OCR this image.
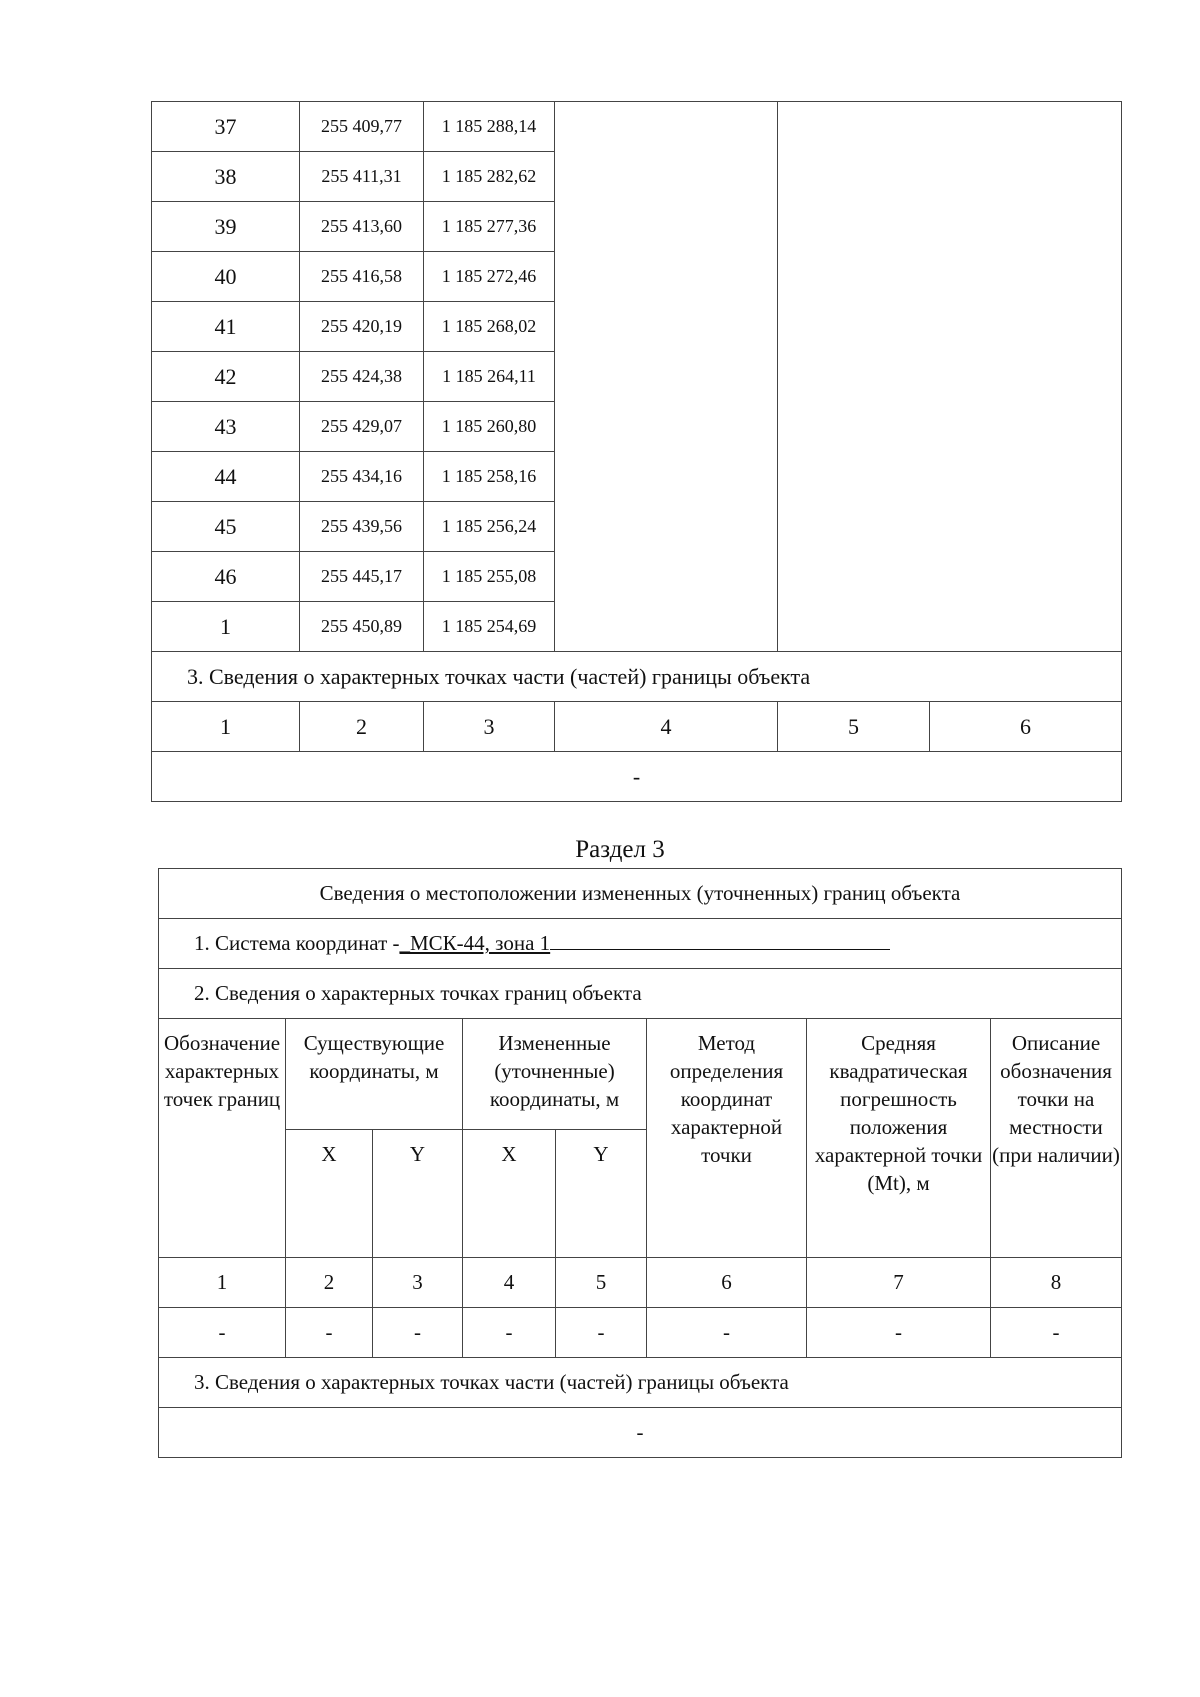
37	255 409,77	1 185 288,14				
38	255 411,31	1 185 282,62				
39	255 413,60	1 185 277,36				
40	255 416,58	1 185 272,46				
41	255 420,19	1 185 268,02				
42	255 424,38	1 185 264,11				
43	255 429,07	1 185 260,80				
44	255 434,16	1 185 258,16				
45	255 439,56	1 185 256,24				
46	255 445,17	1 185 255,08				
1	255 450,89	1 185 254,69				
3. Сведения о характерных точках части (частей) границы объекта						
1	2	3	4	5	6	
-						
Раздел 3
Сведения о местоположении измененных (уточненных) границ объекта							
1. Система координат -_МСК-44, зона 1							
2. Сведения о характерных точках границ объекта							
Обозначение характерных точек границ	Существующие координаты, м		Измененные (уточненные) координаты, м		Метод определения координат характерной точки	Средняя квадратическая погрешность положения характерной точки (Mt), м	Описание обозначения точки на местности (при наличии)
	X	Y	X	Y			
1	2	3	4	5	6	7	8
-	-	-	-	-	-	-	-
3. Сведения о характерных точках части (частей) границы объекта							
-							
